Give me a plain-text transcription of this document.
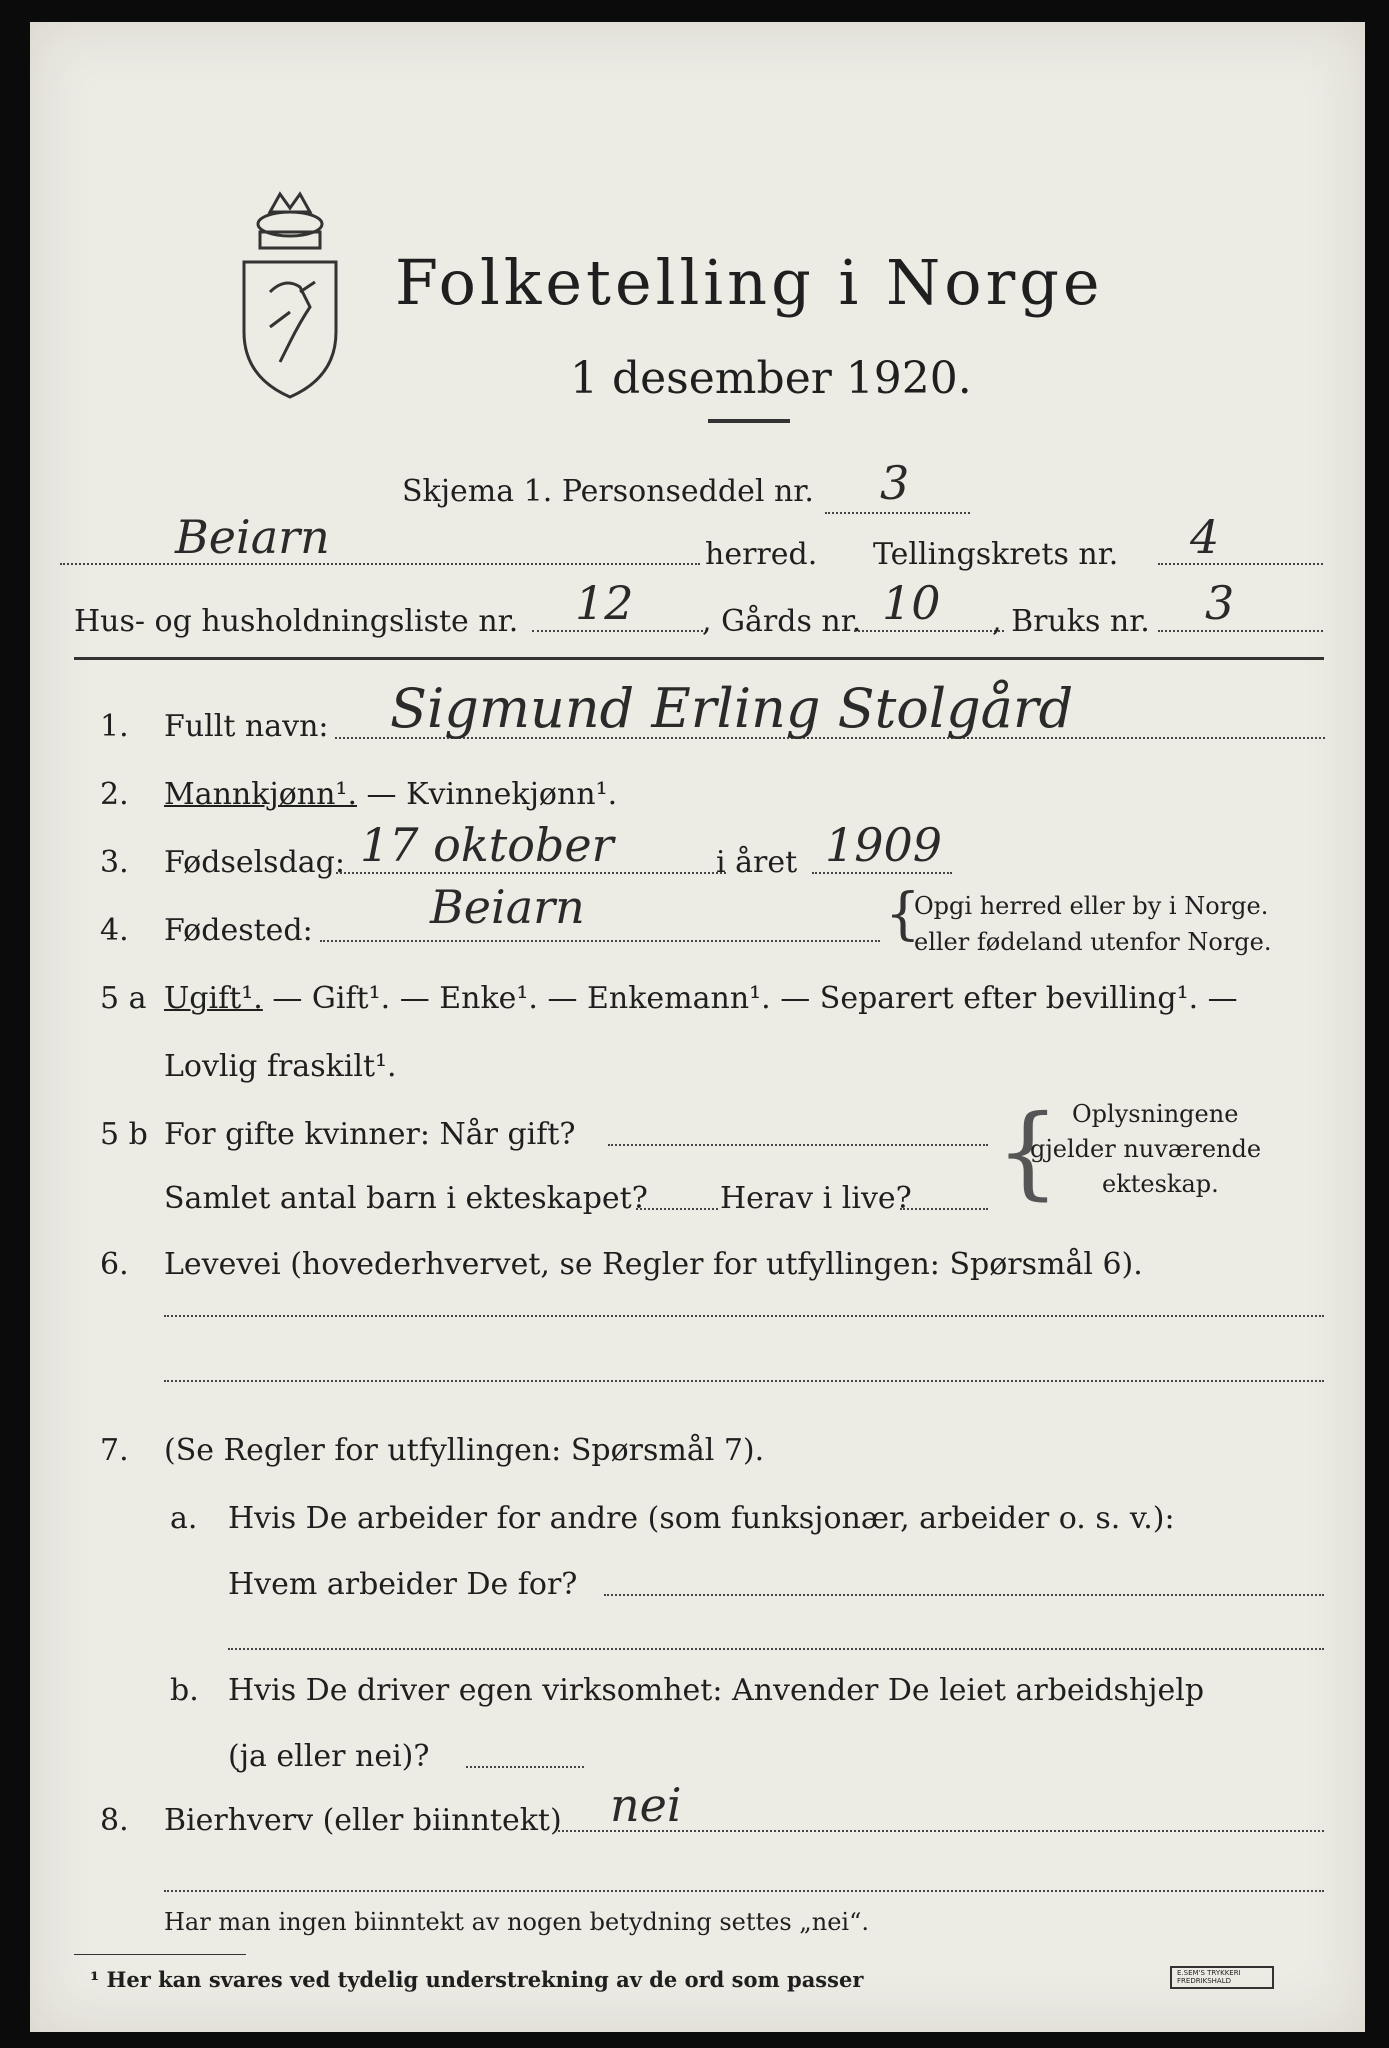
Folketelling i Norge
1 desember 1920.
Skjema 1. Personseddel nr. 3
Beiarn	herred. Tellingskrets nr. 4
Hus- og husholdningsliste nr. 12 , Gårds nr. 10 , Bruks nr. 3
1. Fullt navn: Sigmund Erling Stolgård
2. Mannkjønn¹. — Kvinnekjønn¹.
3. Fødselsdag: 17 oktober	i året 1909
4. Fødested:	Beiarn	{
Opgi herred eller by i Norge.
eller fødeland utenfor Norge.
5 a Ugift¹. — Gift¹. — Enke¹. — Enkemann¹. — Separert efter bevilling¹. —
Lovlig fraskilt¹.
5 b For gifte kvinner: Når gift?
Samlet antal barn i ekteskapet? Herav i live? { Oplysningene
gjelder nuværende
ekteskap.
6. Levevei (hovederhvervet, se Regler for utfyllingen: Spørsmål 6).
7. (Se Regler for utfyllingen: Spørsmål 7).
a. Hvis De arbeider for andre (som funksjonær, arbeider o. s. v.):
Hvem arbeider De for?
b. Hvis De driver egen virksomhet: Anvender De leiet arbeidshjelp
(ja eller nei)?
8. Bierhverv (eller biinntekt) nei
Har man ingen biinntekt av nogen betydning settes „nei“.
¹ Her kan svares ved tydelig understrekning av de ord som passer	E.SEM'S TRYKKERI FREDRIKSHALD
